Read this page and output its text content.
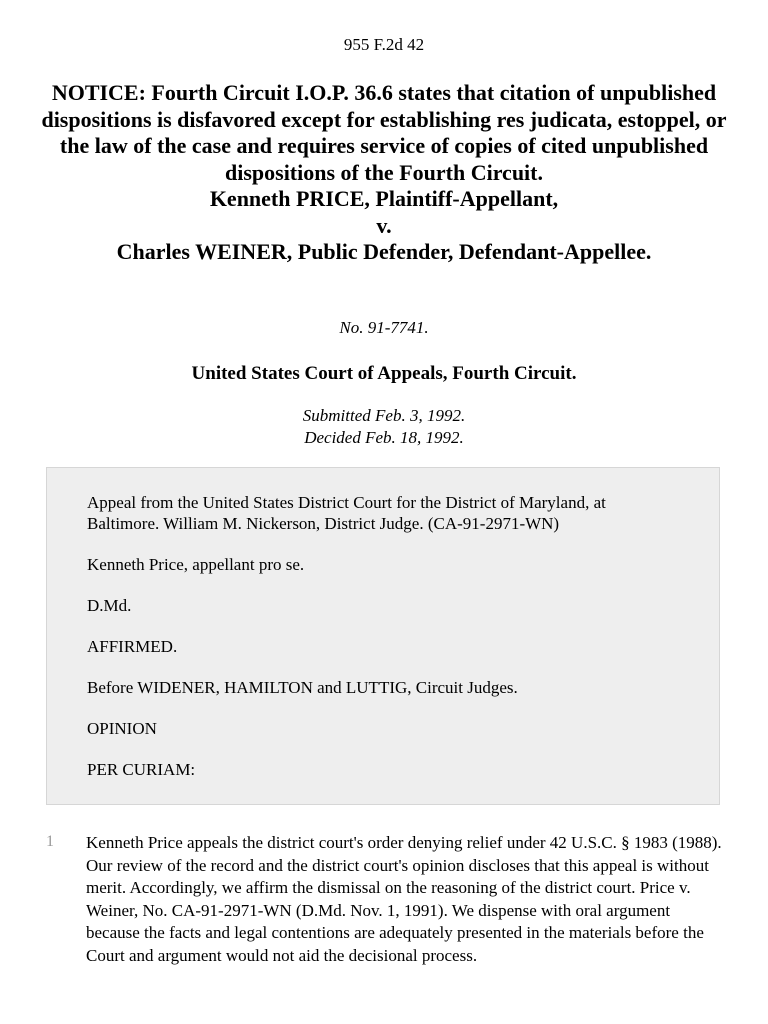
955 F.2d 42
NOTICE: Fourth Circuit I.O.P. 36.6 states that citation of unpublished dispositions is disfavored except for establishing res judicata, estoppel, or the law of the case and requires service of copies of cited unpublished dispositions of the Fourth Circuit.
Kenneth PRICE, Plaintiff-Appellant,
v.
Charles WEINER, Public Defender, Defendant-Appellee.
No. 91-7741.
United States Court of Appeals, Fourth Circuit.
Submitted Feb. 3, 1992.
Decided Feb. 18, 1992.

Appeal from the United States District Court for the District of Maryland, at Baltimore. William M. Nickerson, District Judge. (CA-91-2971-WN)

Kenneth Price, appellant pro se.

D.Md.

AFFIRMED.

Before WIDENER, HAMILTON and LUTTIG, Circuit Judges.

OPINION

PER CURIAM:

1 Kenneth Price appeals the district court's order denying relief under 42 U.S.C. § 1983 (1988). Our review of the record and the district court's opinion discloses that this appeal is without merit. Accordingly, we affirm the dismissal on the reasoning of the district court. Price v. Weiner, No. CA-91-2971-WN (D.Md. Nov. 1, 1991). We dispense with oral argument because the facts and legal contentions are adequately presented in the materials before the Court and argument would not aid the decisional process.
